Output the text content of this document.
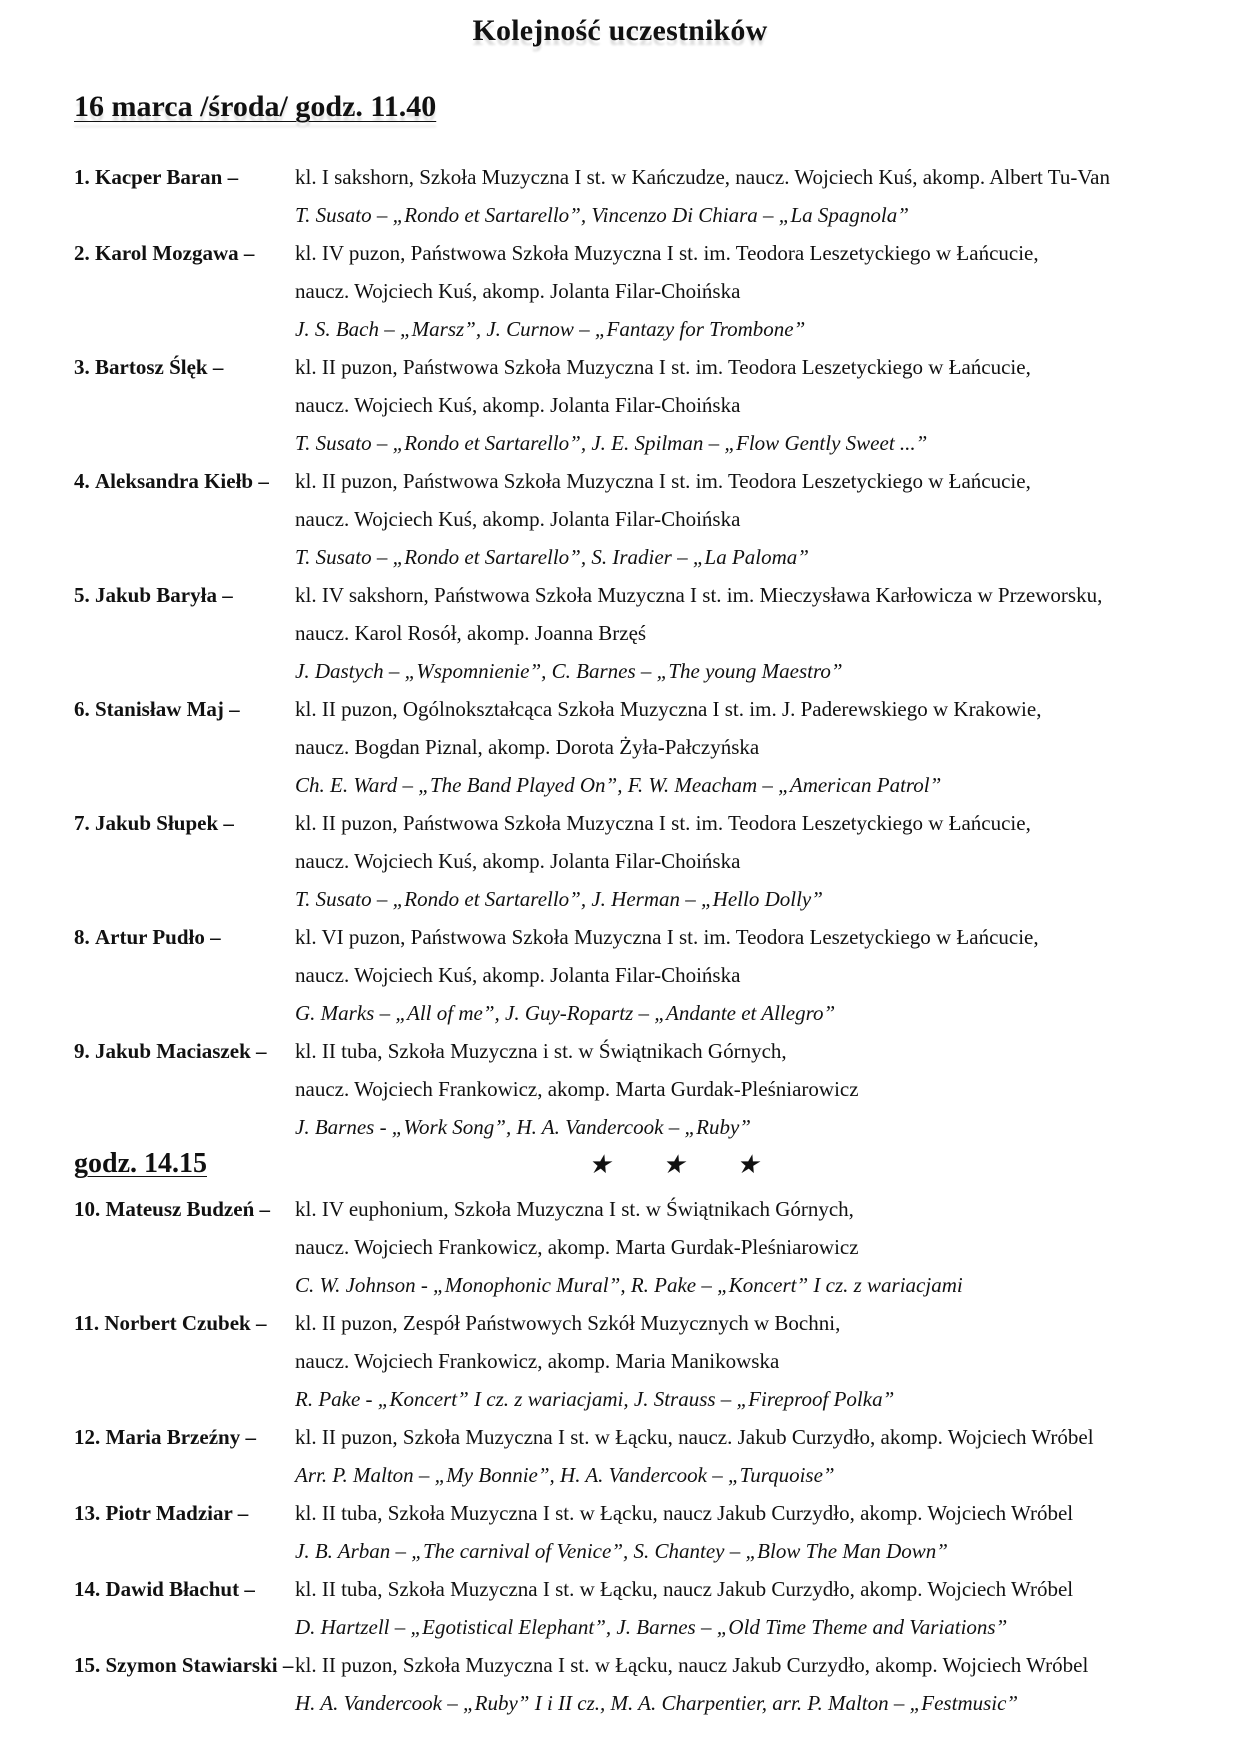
Kolejność uczestników
16 marca /środa/ godz. 11.40
1. Kacper Baran –	kl. I sakshorn, Szkoła Muzyczna I st. w Kańczudze, naucz. Wojciech Kuś, akomp. Albert Tu-Van
T. Susato – „Rondo et Sartarello”, Vincenzo Di Chiara – „La Spagnola”
2. Karol Mozgawa – kl. IV puzon, Państwowa Szkoła Muzyczna I st. im. Teodora Leszetyckiego w Łańcucie,
naucz. Wojciech Kuś, akomp. Jolanta Filar-Choińska
J. S. Bach – „Marsz”, J. Curnow – „Fantazy for Trombone”
3. Bartosz Ślęk –	kl. II puzon, Państwowa Szkoła Muzyczna I st. im. Teodora Leszetyckiego w Łańcucie,
naucz. Wojciech Kuś, akomp. Jolanta Filar-Choińska
T. Susato – „Rondo et Sartarello”, J. E. Spilman – „Flow Gently Sweet ...”
4. Aleksandra Kiełb – kl. II puzon, Państwowa Szkoła Muzyczna I st. im. Teodora Leszetyckiego w Łańcucie,
naucz. Wojciech Kuś, akomp. Jolanta Filar-Choińska
T. Susato – „Rondo et Sartarello”, S. Iradier – „La Paloma”
5. Jakub Baryła –	kl. IV sakshorn, Państwowa Szkoła Muzyczna I st. im. Mieczysława Karłowicza w Przeworsku,
naucz. Karol Rosół, akomp. Joanna Brzęś
J. Dastych – „Wspomnienie”, C. Barnes – „The young Maestro”
6. Stanisław Maj –	kl. II puzon, Ogólnokształcąca Szkoła Muzyczna I st. im. J. Paderewskiego w Krakowie,
naucz. Bogdan Piznal, akomp. Dorota Żyła-Pałczyńska
Ch. E. Ward – „The Band Played On”, F. W. Meacham – „American Patrol”
7. Jakub Słupek –	kl. II puzon, Państwowa Szkoła Muzyczna I st. im. Teodora Leszetyckiego w Łańcucie,
naucz. Wojciech Kuś, akomp. Jolanta Filar-Choińska
T. Susato – „Rondo et Sartarello”, J. Herman – „Hello Dolly”
8. Artur Pudło –	kl. VI puzon, Państwowa Szkoła Muzyczna I st. im. Teodora Leszetyckiego w Łańcucie,
naucz. Wojciech Kuś, akomp. Jolanta Filar-Choińska
G. Marks – „All of me”, J. Guy-Ropartz – „Andante et Allegro”
9. Jakub Maciaszek – kl. II tuba, Szkoła Muzyczna i st. w Świątnikach Górnych,
naucz. Wojciech Frankowicz, akomp. Marta Gurdak-Pleśniarowicz
J. Barnes - „Work Song”, H. A. Vandercook – „Ruby”
godz. 14.15	★ ★ ★
10. Mateusz Budzeń – kl. IV euphonium, Szkoła Muzyczna I st. w Świątnikach Górnych,
naucz. Wojciech Frankowicz, akomp. Marta Gurdak-Pleśniarowicz
C. W. Johnson - „Monophonic Mural”, R. Pake – „Koncert” I cz. z wariacjami
11. Norbert Czubek – kl. II puzon, Zespół Państwowych Szkół Muzycznych w Bochni,
naucz. Wojciech Frankowicz, akomp. Maria Manikowska
R. Pake - „Koncert” I cz. z wariacjami, J. Strauss – „Fireproof Polka”
12. Maria Brzeźny – kl. II puzon, Szkoła Muzyczna I st. w Łącku, naucz. Jakub Curzydło, akomp. Wojciech Wróbel
Arr. P. Malton – „My Bonnie”, H. A. Vandercook – „Turquoise”
13. Piotr Madziar – kl. II tuba, Szkoła Muzyczna I st. w Łącku, naucz Jakub Curzydło, akomp. Wojciech Wróbel
J. B. Arban – „The carnival of Venice”, S. Chantey – „Blow The Man Down”
14. Dawid Błachut – kl. II tuba, Szkoła Muzyczna I st. w Łącku, naucz Jakub Curzydło, akomp. Wojciech Wróbel
D. Hartzell – „Egotistical Elephant”, J. Barnes – „Old Time Theme and Variations”
15. Szymon Stawiarski – kl. II puzon, Szkoła Muzyczna I st. w Łącku, naucz Jakub Curzydło, akomp. Wojciech Wróbel
H. A. Vandercook – „Ruby” I i II cz., M. A. Charpentier, arr. P. Malton – „Festmusic”
